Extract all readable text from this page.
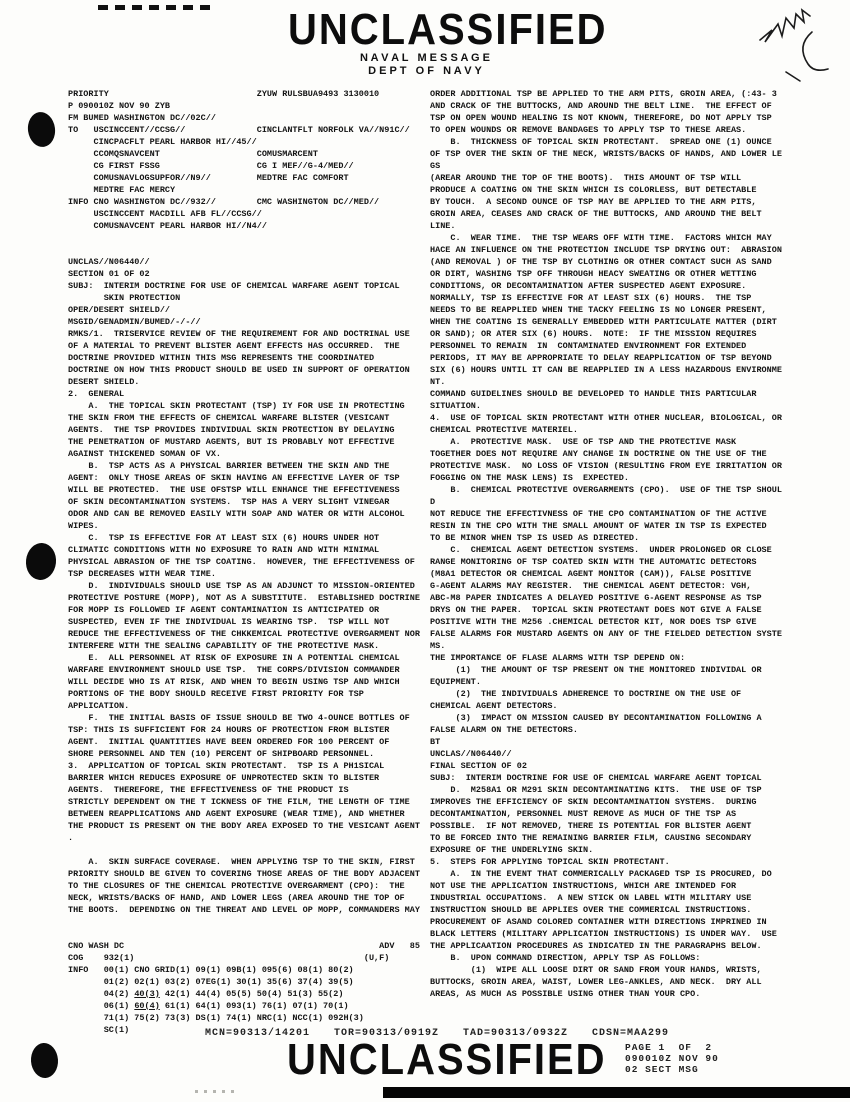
UNCLASSIFIED
N A V A L   M E S S A G E
D E P T   O F   N A V Y
PRIORITY                             ZYUW RULSBUA9493 3130010
P 090010Z NOV 90 ZYB
FM BUMED WASHINGTON DC//02C//
TO   USCINCCENT//CCSG//              CINCLANTFLT NORFOLK VA//N91C//
CINCPACFLT PEARL HARBOR HI//45//
CCOMQSNAVCENT                   COMUSMARCENT
CG FIRST FSSG                   CG I MEF//G-4/MED//
COMUSNAVLOGSUPFOR//N9//         MEDTRE FAC COMFORT
MEDTRE FAC MERCY
INFO CNO WASHINGTON DC//932//        CMC WASHINGTON DC//MED//
USCINCCENT MACDILL AFB FL//CCSG//
COMUSNAVCENT PEARL HARBOR HI//N4//
UNCLAS//N06440//
SECTION 01 OF 02
SUBJ:  INTERIM DOCTRINE FOR USE OF CHEMICAL WARFARE AGENT TOPICAL
SKIN PROTECTION
OPER/DESERT SHIELD//
MSGID/GENADMIN/BUMED/-/-//
RMKS/1.  TRISERVICE REVIEW OF THE REQUIREMENT FOR AND DOCTRINAL USE
OF A MATERIAL TO PREVENT BLISTER AGENT EFFECTS HAS OCCURRED.  THE
DOCTRINE PROVIDED WITHIN THIS MSG REPRESENTS THE COORDINATED
DOCTRINE ON HOW THIS PRODUCT SHOULD BE USED IN SUPPORT OF OPERATION
DESERT SHIELD.
2.  GENERAL
A.  THE TOPICAL SKIN PROTECTANT (TSP) IY FOR USE IN PROTECTING
THE SKIN FROM THE EFFECTS OF CHEMICAL WARFARE BLISTER (VESICANT
AGENTS.  THE TSP PROVIDES INDIVIDUAL SKIN PROTECTION BY DELAYING
THE PENETRATION OF MUSTARD AGENTS, BUT IS PROBABLY NOT EFFECTIVE
AGAINST THICKENED SOMAN OF VX.
B.  TSP ACTS AS A PHYSICAL BARRIER BETWEEN THE SKIN AND THE
AGENT:  ONLY THOSE AREAS OF SKIN HAVING AN EFFECTIVE LAYER OF TSP
WILL BE PROTECTED.  THE USE OFSTSP WILL ENHANCE THE EFFECTIVENESS
OF SKIN DECONTAMINATION SYSTEMS.  TSP HAS A VERY SLIGHT VINEGAR
ODOR AND CAN BE REMOVED EASILY WITH SOAP AND WATER OR WITH ALCOHOL
WIPES.
C.  TSP IS EFFECTIVE FOR AT LEAST SIX (6) HOURS UNDER HOT
CLIMATIC CONDITIONS WITH NO EXPOSURE TO RAIN AND WITH MINIMAL
PHYSICAL ABRASION OF THE TSP COATING.  HOWEVER, THE EFFECTIVENESS OF
TSP DECREASES WITH WEAR TIME.
D.  INDIVIDUALS SHOULD USE TSP AS AN ADJUNCT TO MISSION-ORIENTED
PROTECTIVE POSTURE (MOPP), NOT AS A SUBSTITUTE.  ESTABLISHED DOCTRINE
FOR MOPP IS FOLLOWED IF AGENT CONTAMINATION IS ANTICIPATED OR
SUSPECTED, EVEN IF THE INDIVIDUAL IS WEARING TSP.  TSP WILL NOT
REDUCE THE EFFECTIVENESS OF THE CHKKEMICAL PROTECTIVE OVERGARMENT NOR
INTERFERE WITH THE SEALING CAPABILITY OF THE PROTECTIVE MASK.
E.  ALL PERSONNEL AT RISK OF EXPOSURE IN A POTENTIAL CHEMICAL
WARFARE ENVIRONMENT SHOULD USE TSP.  THE CORPS/DIVISION COMMANDER
WILL DECIDE WHO IS AT RISK, AND WHEN TO BEGIN USING TSP AND WHICH
PORTIONS OF THE BODY SHOULD RECEIVE FIRST PRIORITY FOR TSP
APPLICATION.
F.  THE INITIAL BASIS OF ISSUE SHOULD BE TWO 4-OUNCE BOTTLES OF
TSP: THIS IS SUFFICIENT FOR 24 HOURS OF PROTECTION FROM BLISTER
AGENT.  INITIAL QUANTITIES HAVE BEEN ORDERED FOR 100 PERCENT OF
SHORE PERSONNEL AND TEN (10) PERCENT OF SHIPBOARD PERSONNEL.
3.  APPLICATION OF TOPICAL SKIN PROTECTANT.  TSP IS A PH1SICAL
BARRIER WHICH REDUCES EXPOSURE OF UNPROTECTED SKIN TO BLISTER
AGENTS.  THEREFORE, THE EFFECTIVENESS OF THE PRODUCT IS
STRICTLY DEPENDENT ON THE T ICKNESS OF THE FILM, THE LENGTH OF TIME
BETWEEN REAPPLICATIONS AND AGENT EXPOSURE (WEAR TIME), AND WHETHER
THE PRODUCT IS PRESENT ON THE BODY AREA EXPOSED TO THE VESICANT AGENT
.
A.  SKIN SURFACE COVERAGE.  WHEN APPLYING TSP TO THE SKIN, FIRST
PRIORITY SHOULD BE GIVEN TO COVERING THOSE AREAS OF THE BODY ADJACENT
TO THE CLOSURES OF THE CHEMICAL PROTECTIVE OVERGARMENT (CPO):  THE
NECK, WRISTS/BACKS OF HAND, AND LOWER LEGS (AREA AROUND THE TOP OF
THE BOOTS.  DEPENDING ON THE THREAT AND LEVEL OP MOPP, COMMANDERS MAY
CNO WASH DC                                                  ADV   85
COG    932(1)                                             (U,F)
INFO   00(1) CNO GRID(1) 09(1) 09B(1) 095(6) 08(1) 80(2)
01(2) 02(1) 03(2) 07EG(1) 30(1) 35(6) 37(4) 39(5)
04(2) 40(3) 42(1) 44(4) 05(5) 50(4) 51(3) 55(2)
06(1) 60(4) 61(1) 64(1) 093(1) 76(1) 07(1) 70(1)
71(1) 75(2) 73(3) DS(1) 74(1) NRC(1) NCC(1) 092H(3)
SC(1)
ORDER ADDITIONAL TSP BE APPLIED TO THE ARM PITS, GROIN AREA, (:43- 3
AND CRACK OF THE BUTTOCKS, AND AROUND THE BELT LINE.  THE EFFECT OF
TSP ON OPEN WOUND HEALING IS NOT KNOWN, THEREFORE, DO NOT APPLY TSP
TO OPEN WOUNDS OR REMOVE BANDAGES TO APPLY TSP TO THESE AREAS.
B.  THICKNESS OF TOPICAL SKIN PROTECTANT.  SPREAD ONE (1) OUNCE
OF TSP OVER THE SKIN OF THE NECK, WRISTS/BACKS OF HANDS, AND LOWER LE
GS
(AREAR AROUND THE TOP OF THE BOOTS).  THIS AMOUNT OF TSP WILL
PRODUCE A COATING ON THE SKIN WHICH IS COLORLESS, BUT DETECTABLE
BY TOUCH.  A SECOND OUNCE OF TSP MAY BE APPLIED TO THE ARM PITS,
GROIN AREA, CEASES AND CRACK OF THE BUTTOCKS, AND AROUND THE BELT
LINE.
C.  WEAR TIME.  THE TSP WEARS OFF WITH TIME.  FACTORS WHICH MAY
HACE AN INFLUENCE ON THE PROTECTION INCLUDE TSP DRYING OUT:  ABRASION
(AND REMOVAL ) OF THE TSP BY CLOTHING OR OTHER CONTACT SUCH AS SAND
OR DIRT, WASHING TSP OFF THROUGH HEACY SWEATING OR OTHER WETTING
CONDITIONS, OR DECONTAMINATION AFTER SUSPECTED AGENT EXPOSURE.
NORMALLY, TSP IS EFFECTIVE FOR AT LEAST SIX (6) HOURS.  THE TSP
NEEDS TO BE REAPPLIED WHEN THE TACKY FEELING IS NO LONGER PRESENT,
WHEN THE COATING IS GENERALLY EMBEDDED WITH PARTICULATE MATTER (DIRT
OR SAND); OR ATER SIX (6) HOURS.  NOTE:  IF THE MISSION REQUIRES
PERSONNEL TO REMAIN  IN  CONTAMINATED ENVIRONMENT FOR EXTENDED
PERIODS, IT MAY BE APPROPRIATE TO DELAY REAPPLICATION OF TSP BEYOND
SIX (6) HOURS UNTIL IT CAN BE REAPPLIED IN A LESS HAZARDOUS ENVIRONME
NT.
COMMAND GUIDELINES SHOULD BE DEVELOPED TO HANDLE THIS PARTICULAR
SITUATION.
4.  USE OF TOPICAL SKIN PROTECTANT WITH OTHER NUCLEAR, BIOLOGICAL, OR
CHEMICAL PROTECTIVE MATERIEL.
A.  PROTECTIVE MASK.  USE OF TSP AND THE PROTECTIVE MASK
TOGETHER DOES NOT REQUIRE ANY CHANGE IN DOCTRINE ON THE USE OF THE
PROTECTIVE MASK.  NO LOSS OF VISION (RESULTING FROM EYE IRRITATION OR
FOGGING ON THE MASK LENS) IS  EXPECTED.
B.  CHEMICAL PROTECTIVE OVERGARMENTS (CPO).  USE OF THE TSP SHOUL
D
NOT REDUCE THE EFFECTIVNESS OF THE CPO CONTAMINATION OF THE ACTIVE
RESIN IN THE CPO WITH THE SMALL AMOUNT OF WATER IN TSP IS EXPECTED
TO BE MINOR WHEN TSP IS USED AS DIRECTED.
C.  CHEMICAL AGENT DETECTION SYSTEMS.  UNDER PROLONGED OR CLOSE
RANGE MONITORING OF TSP COATED SKIN WITH THE AUTOMATIC DETECTORS
(M8A1 DETECTOR OR CHEMICAL AGENT MONITOR (CAM)), FALSE POSITIVE
G-AGENT ALARMS MAY REGISTER.  THE CHEMICAL AGENT DETECTOR: VGH,
ABC-M8 PAPER INDICATES A DELAYED POSITIVE G-AGENT RESPONSE AS TSP
DRYS ON THE PAPER.  TOPICAL SKIN PROTECTANT DOES NOT GIVE A FALSE
POSITIVE WITH THE M256 .CHEMICAL DETECTOR KIT, NOR DOES TSP GIVE
FALSE ALARMS FOR MUSTARD AGENTS ON ANY OF THE FIELDED DETECTION SYSTE
MS.
THE IMPORTANCE OF FLASE ALARMS WITH TSP DEPEND ON:
(1)  THE AMOUNT OF TSP PRESENT ON THE MONITORED INDIVIDAL OR
EQUIPMENT.
(2)  THE INDIVIDUALS ADHERENCE TO DOCTRINE ON THE USE OF
CHEMICAL AGENT DETECTORS.
(3)  IMPACT ON MISSION CAUSED BY DECONTAMINATION FOLLOWING A
FALSE ALARM ON THE DETECTORS.
BT
UNCLAS//N06440//
FINAL SECTION OF 02
SUBJ:  INTERIM DOCTRINE FOR USE OF CHEMICAL WARFARE AGENT TOPICAL
D.  M258A1 OR M291 SKIN DECONTAMINATING KITS.  THE USE OF TSP
IMPROVES THE EFFICIENCY OF SKIN DECONTAMINATION SYSTEMS.  DURING
DECONTAMINATION, PERSONNEL MUST REMOVE AS MUCH OF THE TSP AS
POSSIBLE.  IF NOT REMOVED, THERE IS POTENTIAL FOR BLISTER AGENT
TO BE FORCED INTO THE REMAINING BARRIER FILM, CAUSING SECONDARY
EXPOSURE OF THE UNDERLYING SKIN.
5.  STEPS FOR APPLYING TOPICAL SKIN PROTECTANT.
A.  IN THE EVENT THAT COMMERICALLY PACKAGED TSP IS PROCURED, DO
NOT USE THE APPLICATION INSTRUCTIONS, WHICH ARE INTENDED FOR
INDUSTRIAL OCCUPATIONS.  A NEW STICK ON LABEL WITH MILITARY USE
INSTRUCTION SHOULD BE APPLIES OVER THE COMMERICAL INSTRUCTIONS.
PROCUREMENT OF ASAND COLORED CONTAINER WITH DIRECTIONS IMPRINED IN
BLACK LETTERS (MILITARY APPLICATION INSTRUCTIONS) IS UNDER WAY.  USE
THE APPLICAATION PROCEDURES AS INDICATED IN THE PARAGRAPHS BELOW.
B.  UPON COMMAND DIRECTION, APPLY TSP AS FOLLOWS:
(1)  WIPE ALL LOOSE DIRT OR SAND FROM YOUR HANDS, WRISTS,
BUTTOCKS, GROIN AREA, WAIST, LOWER LEG-ANKLES, AND NECK.  DRY ALL
AREAS, AS MUCH AS POSSIBLE USING OTHER THAN YOUR CPO.
MCN=90313/14201 TOR=90313/0919Z TAD=90313/0932Z CDSN=MAA299
UNCLASSIFIED PAGE 1  OF  2
090010Z NOV 90
02 SECT MSG
